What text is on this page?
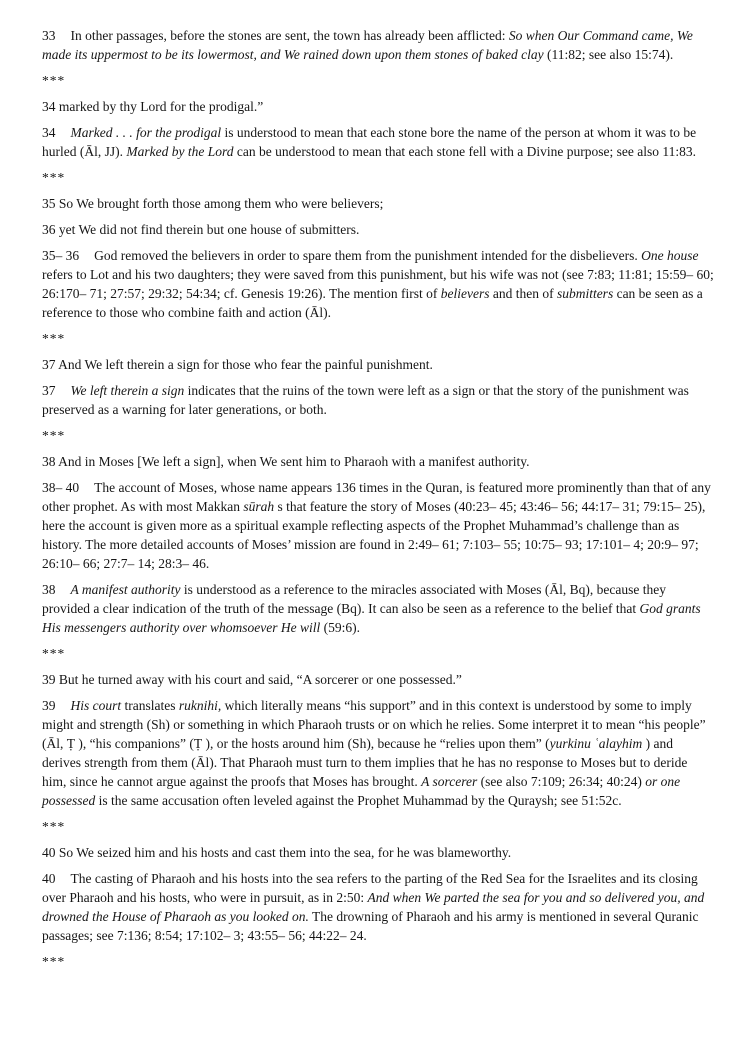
33 In other passages, before the stones are sent, the town has already been afflicted: So when Our Command came, We made its uppermost to be its lowermost, and We rained down upon them stones of baked clay (11:82; see also 15:74).

***

34 marked by thy Lord for the prodigal.”

34 Marked . . . for the prodigal is understood to mean that each stone bore the name of the person at whom it was to be hurled (Āl, JJ). Marked by the Lord can be understood to mean that each stone fell with a Divine purpose; see also 11:83.

***

35 So We brought forth those among them who were believers;

36 yet We did not find therein but one house of submitters.

35– 36 God removed the believers in order to spare them from the punishment intended for the disbelievers. One house refers to Lot and his two daughters; they were saved from this punishment, but his wife was not (see 7:83; 11:81; 15:59– 60; 26:170– 71; 27:57; 29:32; 54:34; cf. Genesis 19:26). The mention first of believers and then of submitters can be seen as a reference to those who combine faith and action (Āl).

***

37 And We left therein a sign for those who fear the painful punishment.

37 We left therein a sign indicates that the ruins of the town were left as a sign or that the story of the punishment was preserved as a warning for later generations, or both.

***

38 And in Moses [We left a sign], when We sent him to Pharaoh with a manifest authority.

38– 40 The account of Moses, whose name appears 136 times in the Quran, is featured more prominently than that of any other prophet. As with most Makkan sūrah s that feature the story of Moses (40:23– 45; 43:46– 56; 44:17– 31; 79:15– 25), here the account is given more as a spiritual example reflecting aspects of the Prophet Muhammad’s challenge than as history. The more detailed accounts of Moses’ mission are found in 2:49– 61; 7:103– 55; 10:75– 93; 17:101– 4; 20:9– 97; 26:10– 66; 27:7– 14; 28:3– 46.

38 A manifest authority is understood as a reference to the miracles associated with Moses (Āl, Bq), because they provided a clear indication of the truth of the message (Bq). It can also be seen as a reference to the belief that God grants His messengers authority over whomsoever He will (59:6).

***

39 But he turned away with his court and said, “A sorcerer or one possessed.”

39 His court translates ruknihi, which literally means “his support” and in this context is understood by some to imply might and strength (Sh) or something in which Pharaoh trusts or on which he relies. Some interpret it to mean “his people” (Āl, Ṭ ), “his companions” (Ṭ ), or the hosts around him (Sh), because he “relies upon them” (yurkinu ʿalayhim ) and derives strength from them (Āl). That Pharaoh must turn to them implies that he has no response to Moses but to deride him, since he cannot argue against the proofs that Moses has brought. A sorcerer (see also 7:109; 26:34; 40:24) or one possessed is the same accusation often leveled against the Prophet Muhammad by the Quraysh; see 51:52c.

***

40 So We seized him and his hosts and cast them into the sea, for he was blameworthy.

40 The casting of Pharaoh and his hosts into the sea refers to the parting of the Red Sea for the Israelites and its closing over Pharaoh and his hosts, who were in pursuit, as in 2:50: And when We parted the sea for you and so delivered you, and drowned the House of Pharaoh as you looked on. The drowning of Pharaoh and his army is mentioned in several Quranic passages; see 7:136; 8:54; 17:102– 3; 43:55– 56; 44:22– 24.

***
